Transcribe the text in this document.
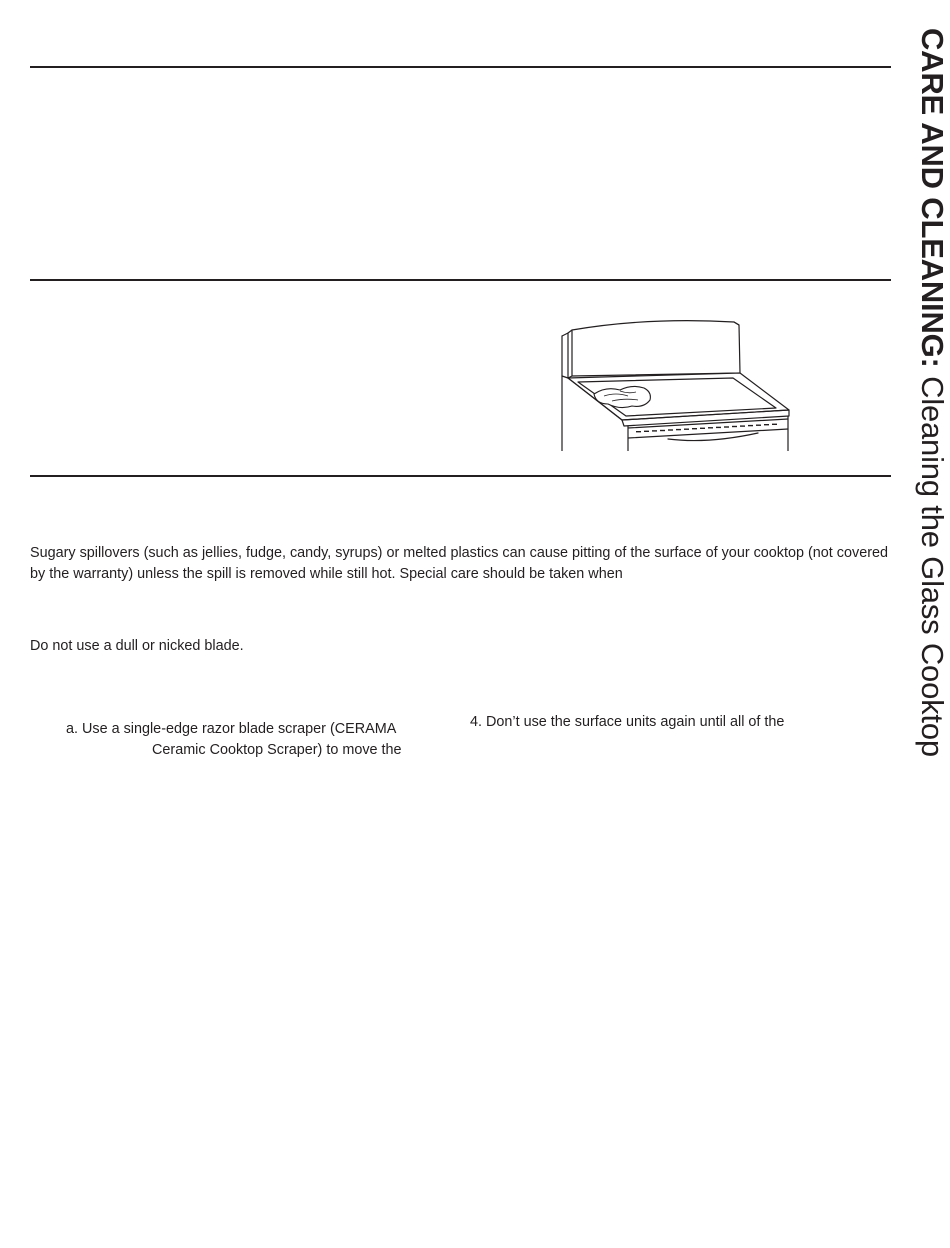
Sugary spillovers (such as jellies, fudge, candy, syrups) or melted plastics can cause pitting of the surface of your cooktop (not covered by the warranty) unless the spill is removed while still hot. Special care should be taken when

Do not use a dull or nicked blade.

a. Use a single-edge razor blade scraper (CERAMA
Ceramic Cooktop Scraper) to move the

4. Don’t use the surface units again until all of the

CARE AND CLEANING: Cleaning the Glass Cooktop
